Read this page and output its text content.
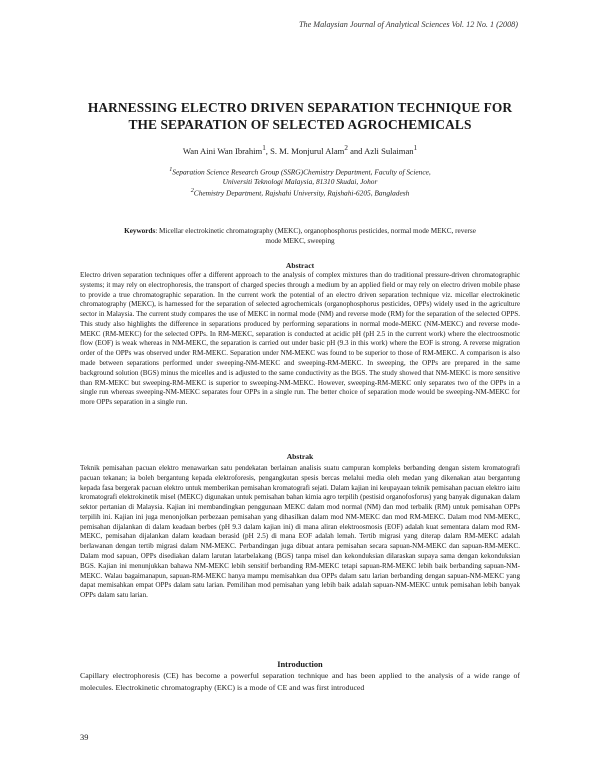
The Malaysian Journal of Analytical Sciences Vol. 12 No. 1 (2008)
HARNESSING ELECTRO DRIVEN SEPARATION TECHNIQUE FOR
THE SEPARATION OF SELECTED AGROCHEMICALS
Wan Aini Wan Ibrahim$^1$, S. M. Monjurul Alam$^2$ and Azli Sulaiman$^1$
$^1$Separation Science Research Group (SSRG)Chemistry Department, Faculty of Science,
Universiti Teknologi Malaysia, 81310 Skudai, Johor
$^2$Chemistry Department, Rajshahi University, Rajshahi-6205, Bangladesh
Keywords: Micellar electrokinetic chromatography (MEKC), organophosphorus pesticides, normal mode MEKC, reverse mode MEKC, sweeping
Abstract

Electro driven separation techniques offer a different approach to the analysis of complex mixtures than do traditional pressure-driven chromatographic systems; it may rely on electrophoresis, the transport of charged species through a medium by an applied field or may rely on electro driven mobile phase to provide a true chromatographic separation. In the current work the potential of an electro driven separation technique viz. micellar electrokinetic chromatography (MEKC), is harnessed for the separation of selected agrochemicals (organophosphorus pesticides, OPPs) widely used in the agriculture sector in Malaysia. The current study compares the use of MEKC in normal mode (NM) and reverse mode (RM) for the separation of the selected OPPS. This study also highlights the difference in separations produced by performing separations in normal mode-MEKC (NM-MEKC) and reverse mode-MEKC (RM-MEKC) for the selected OPPs. In RM-MEKC, separation is conducted at acidic pH (pH 2.5 in the current work) where the electroosmotic flow (EOF) is weak whereas in NM-MEKC, the separation is carried out under basic pH (9.3 in this work) where the EOF is strong. A reverse migration order of the OPPs was observed under RM-MEKC. Separation under NM-MEKC was found to be superior to those of RM-MEKC. A comparison is also made between separations performed under sweeping-NM-MEKC and sweeping-RM-MEKC. In sweeping, the OPPs are prepared in the same background solution (BGS) minus the micelles and is adjusted to the same conductivity as the BGS. The study showed that NM-MEKC is more sensitive than RM-MEKC but sweeping-RM-MEKC is superior to sweeping-NM-MEKC. However, sweeping-RM-MEKC only separates two of the OPPs in a single run whereas sweeping-NM-MEKC separates four OPPs in a single run. The better choice of separation mode would be sweeping-NM-MEKC for more OPPs separation in a single run.

Abstrak

Teknik pemisahan pacuan elektro menawarkan satu pendekatan berlainan analisis suatu campuran kompleks berbanding dengan sistem kromatografi pacuan tekanan; ia boleh bergantung kepada elektroforesis, pengangkutan spesis bercas melalui media oleh medan yang dikenakan atau bergantung kepada fasa bergerak pacuan elektro untuk memberikan pemisahan kromatografi sejati. Dalam kajian ini keupayaan teknik pemisahan pacuan elektro iaitu kromatografi elektrokinetik misel (MEKC) digunakan untuk pemisahan bahan kimia agro terpilih (pestisid organofosforus) yang banyak digunakan dalam sektor pertanian di Malaysia. Kajian ini membandingkan penggunaan MEKC dalam mod normal (NM) dan mod terbalik (RM) untuk pemisahan OPPs terpilih ini. Kajian ini juga menonjolkan perbezaan pemisahan yang dihasilkan dalam mod NM-MEKC dan mod RM-MEKC. Dalam mod NM-MEKC, pemisahan dijalankan di dalam keadaan berbes (pH 9.3 dalam kajian ini) di mana aliran elektroosmosis (EOF) adalah kuat sementara dalam mod RM-MEKC, pemisahan dijalankan dalam keadaan berasid (pH 2.5) di mana EOF adalah lemah. Tertib migrasi yang diterap dalam RM-MEKC adalah berlawanan dengan tertib migrasi dalam NM-MEKC. Perbandingan juga dibuat antara pemisahan secara sapuan-NM-MEKC dan sapuan-RM-MEKC. Dalam mod sapuan, OPPs disediakan dalam larutan latarbelakang (BGS) tanpa misel dan kekonduksian dilaraskan supaya sama dengan kekonduksian BGS. Kajian ini menunjukkan bahawa NM-MEKC lebih sensitif berbanding RM-MEKC tetapi sapuan-RM-MEKC lebih baik berbanding sapuan-NM-MEKC. Walau bagaimanapun, sapuan-RM-MEKC hanya mampu memisahkan dua OPPs dalam satu larian berbanding dengan sapuan-NM-MEKC yang dapat memisahkan empat OPPs dalam satu larian. Pemilihan mod pemisahan yang lebih baik adalah sapuan-NM-MEKC untuk pemisahan lebih banyak OPPs dalam satu larian.

Introduction

Capillary electrophoresis (CE) has become a powerful separation technique and has been applied to the analysis of a wide range of molecules. Electrokinetic chromatography (EKC) is a mode of CE and was first introduced

39
